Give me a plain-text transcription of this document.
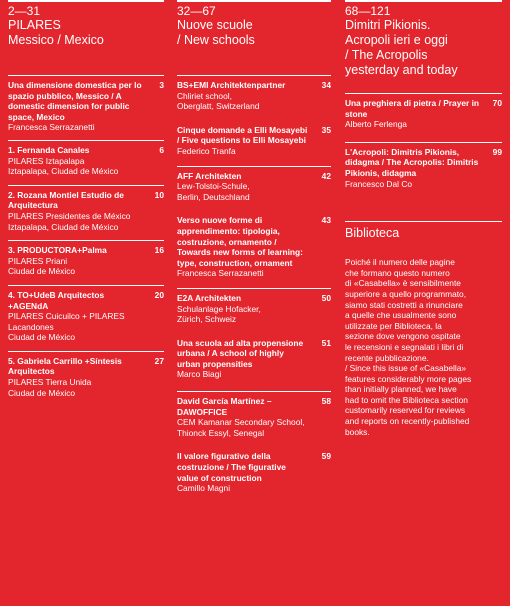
2—31
PILARES
Messico / Mexico
Una dimensione domestica per lo spazio pubblico, Messico / A domestic dimension for public space, Mexico
3
Francesca Serrazanetti
1. Fernanda Canales	6
PILARES Iztapalapa
Iztapalapa, Ciudad de México
2. Rozana Montiel Estudio de Arquitectura
10
PILARES Presidentes de México
Iztapalapa, Ciudad de México
3. PRODUCTORA+Palma	16
PILARES Priani
Ciudad de México
4. TO+UdeB Arquitectos +AGENdA
20
PILARES Cuicuilco + PILARES Lacandones
Ciudad de México
5. Gabriela Carrillo +Síntesis Arquitectos
27
PILARES Tierra Unida
Ciudad de México
32—67
Nuove scuole
/ New schools
BS+EMI Architektenpartner	34
Chliriet school,
Oberglatt, Switzerland
Cinque domande a Elli Mosayebi / Five questions to Elli Mosayebi
35
Federico Tranfa
AFF Architekten	42
Lew-Tolstoi-Schule,
Berlin, Deutschland
Verso nuove forme di apprendimento: tipologia, costruzione, ornamento / Towards new forms of learning: type, construction, ornament
43
Francesca Serrazanetti
E2A Architekten	50
Schulanlage Hofacker,
Zürich, Schweiz
Una scuola ad alta propensione urbana / A school of highly urban propensities
51
Marco Biagi
David García Martínez – DAWOFFICE
58
CEM Kamanar Secondary School,
Thionck Essyl, Senegal
Il valore figurativo della costruzione / The figurative value of construction
59
Camillo Magni
68—121
Dimitri Pikionis.
Acropoli ieri e oggi
/ The Acropolis
yesterday and today
Una preghiera di pietra / Prayer in stone
70
Alberto Ferlenga
L'Acropoli: Dimitris Pikionis, didagma / The Acropolis: Dimitris Pikionis, didagma
99
Francesco Dal Co
Biblioteca
Poiché il numero delle pagine
che formano questo numero
di «Casabella» è sensibilmente
superiore a quello programmato,
siamo stati costretti a rinunciare
a quelle che usualmente sono
utilizzate per Biblioteca, la
sezione dove vengono ospitate
le recensioni e segnalati i libri di
recente pubblicazione.
/ Since this issue of «Casabella»
features considerably more pages
than initially planned, we have
had to omit the Biblioteca section
customarily reserved for reviews
and reports on recently-published
books.
